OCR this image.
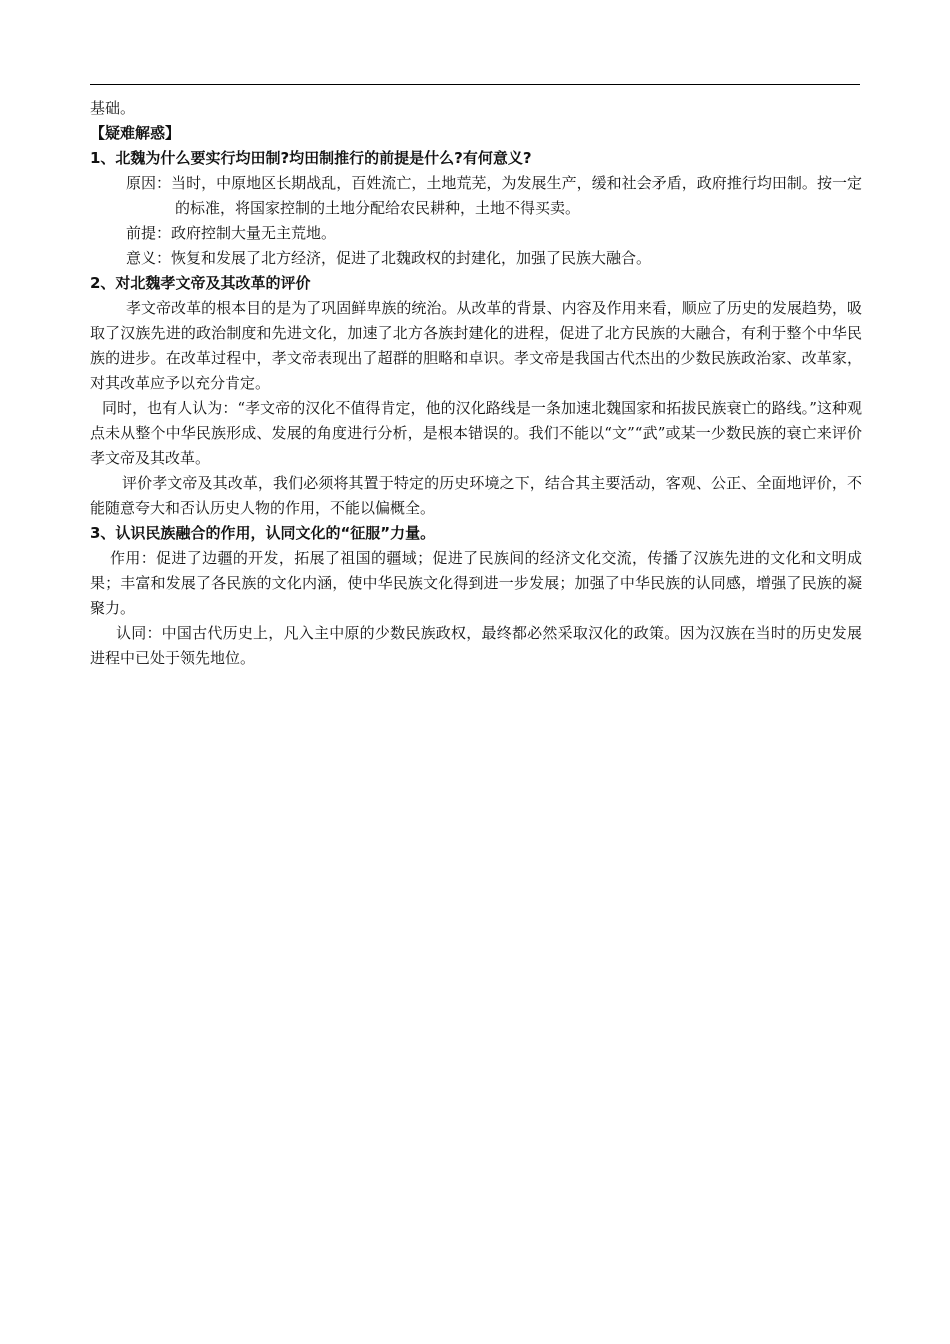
基础。
【疑难解惑】
1、北魏为什么要实行均田制?均田制推行的前提是什么?有何意义?
原因：当时，中原地区长期战乱，百姓流亡，土地荒芜，为发展生产，缓和社会矛盾，政府推行均田制。按一定的标准，将国家控制的土地分配给农民耕种，土地不得买卖。
前提：政府控制大量无主荒地。
意义：恢复和发展了北方经济，促进了北魏政权的封建化，加强了民族大融合。
2、对北魏孝文帝及其改革的评价
孝文帝改革的根本目的是为了巩固鲜卑族的统治。从改革的背景、内容及作用来看，顺应了历史的发展趋势，吸取了汉族先进的政治制度和先进文化，加速了北方各族封建化的进程，促进了北方民族的大融合，有利于整个中华民族的进步。在改革过程中，孝文帝表现出了超群的胆略和卓识。孝文帝是我国古代杰出的少数民族政治家、改革家，对其改革应予以充分肯定。
同时，也有人认为：“孝文帝的汉化不值得肯定，他的汉化路线是一条加速北魏国家和拓拔民族衰亡的路线。”这种观点未从整个中华民族形成、发展的角度进行分析，是根本错误的。我们不能以“文”“武”或某一少数民族的衰亡来评价孝文帝及其改革。
评价孝文帝及其改革，我们必须将其置于特定的历史环境之下，结合其主要活动，客观、公正、全面地评价，不能随意夸大和否认历史人物的作用，不能以偏概全。
3、认识民族融合的作用，认同文化的“征服”力量。
作用：促进了边疆的开发，拓展了祖国的疆域；促进了民族间的经济文化交流，传播了汉族先进的文化和文明成果；丰富和发展了各民族的文化内涵，使中华民族文化得到进一步发展；加强了中华民族的认同感，增强了民族的凝聚力。
认同：中国古代历史上，凡入主中原的少数民族政权，最终都必然采取汉化的政策。因为汉族在当时的历史发展进程中已处于领先地位。
